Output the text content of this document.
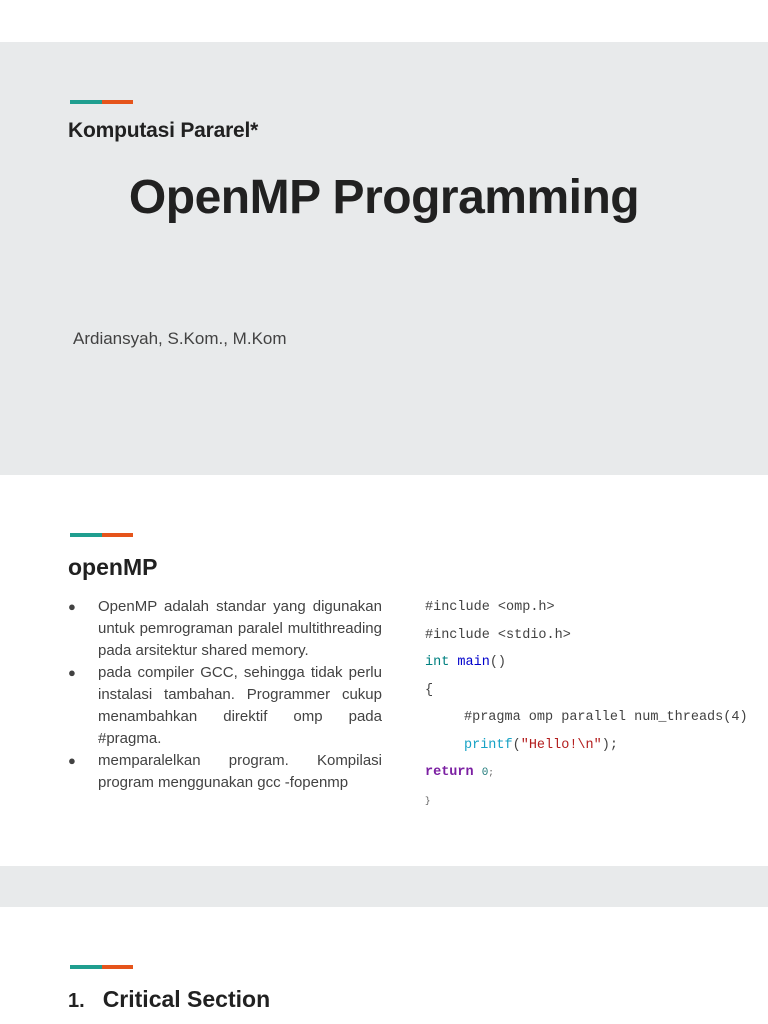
Komputasi Pararel*
OpenMP Programming
Ardiansyah, S.Kom., M.Kom
openMP
● OpenMP adalah standar yang digunakan untuk pemrograman paralel multithreading pada arsitektur shared memory.
● pada compiler GCC, sehingga tidak perlu instalasi tambahan. Programmer cukup menambahkan direktif omp pada #pragma.
● memparalelkan program. Kompilasi program menggunakan gcc -fopenmp
#include <omp.h>
#include <stdio.h>
int main()
{
#pragma omp parallel num_threads(4)
printf("Hello!\n");
return 0;
}
1. Critical Section
